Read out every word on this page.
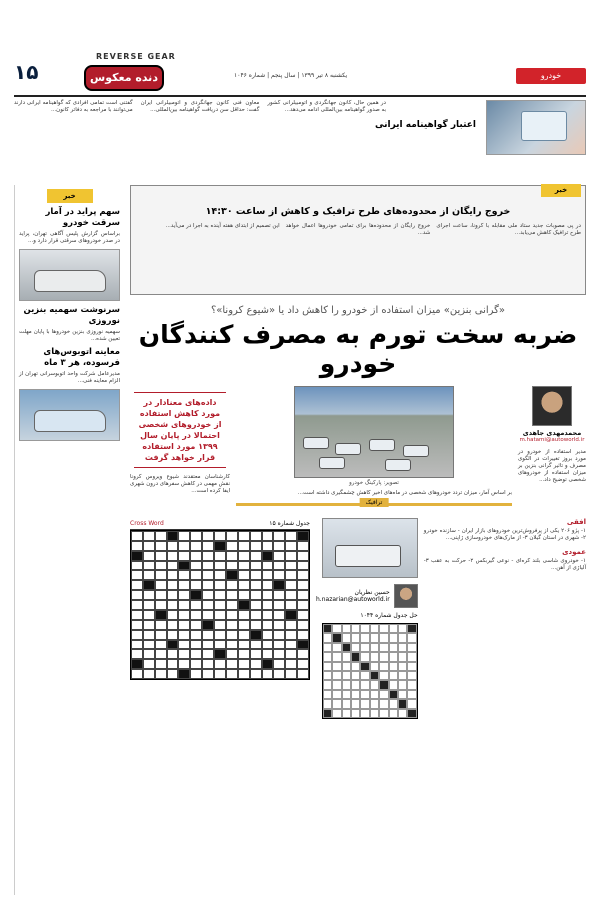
۱۵
REVERSE GEAR
دنده معکوس	یکشنبه ۸ تیر ۱۳۹۹ | سال پنجم | شماره ۱۰۴۶	خودرو
اعتبار گواهینامه ایرانی
در همین حال، کانون جهانگردی و اتومبیلرانی کشور به صدور گواهینامه بین‌المللی ادامه می‌دهد...
معاون فنی کانون جهانگردی و اتومبیلرانی ایران گفت: حداقل سن دریافت گواهینامه بین‌المللی...
گفتنی است تمامی افرادی که گواهینامه ایرانی دارند می‌توانند با مراجعه به دفاتر کانون...
خبر
سهم پراید در آمار سرقت خودرو
براساس گزارش پلیس آگاهی تهران، پراید در صدر خودروهای سرقتی قرار دارد و...
سرنوشت سهمیه بنزین نوروزی
سهمیه نوروزی بنزین خودروها با پایان مهلت تعیین شده...
معاینه اتوبوس‌های فرسوده، هر ۳ ماه
مدیرعامل شرکت واحد اتوبوسرانی تهران از الزام معاینه فنی...
خبر
خروج رایگان از محدوده‌های طرح ترافیک و کاهش از ساعت ۱۴:۳۰
در پی مصوبات جدید ستاد ملی مقابله با کرونا، ساعت اجرای طرح ترافیک کاهش می‌یابد...
خروج رایگان از محدوده‌ها برای تمامی خودروها اعمال خواهد شد...
این تصمیم از ابتدای هفته آینده به اجرا در می‌آید...
«گرانی بنزین» میزان استفاده از خودرو را کاهش داد یا «شیوع کرونا»؟
ضربه سخت تورم به مصرف کنندگان خودرو
محمدمهدی جاهدی
m.hatami@autoworld.ir
مدیر استفاده از خودرو در مورد بروز تغییرات در الگوی مصرف و تاثیر گرانی بنزین بر میزان استفاده از خودروهای شخصی توضیح داد...
تصویر: پارکینگ خودرو
بر اساس آمار، میزان تردد خودروهای شخصی در ماه‌های اخیر کاهش چشمگیری داشته است...
ترافیک
داده‌های معنادار در مورد کاهش استفاده از خودروهای شخصی احتمالا در پایان سال ۱۳۹۹ مورد استفاده قرار خواهد گرفت
کارشناسان معتقدند شیوع ویروس کرونا نقش مهمی در کاهش سفرهای درون شهری ایفا کرده است...
افقی
۱- پژو ۲۰۶ یکی از پرفروش‌ترین خودروهای بازار ایران - سازنده خودرو ۲- شهری در استان گیلان ۳- از مارک‌های خودروسازی ژاپنی...
عمودی
۱- خودروی شاسی بلند کره‌ای - نوعی گیربکس ۲- حرکت به عقب ۳- آلیاژی از آهن...
حسین نظریان
h.nazarian@autoworld.ir
حل جدول شماره ۱۰۴۴
جدول شماره ۱۵
Cross Word
